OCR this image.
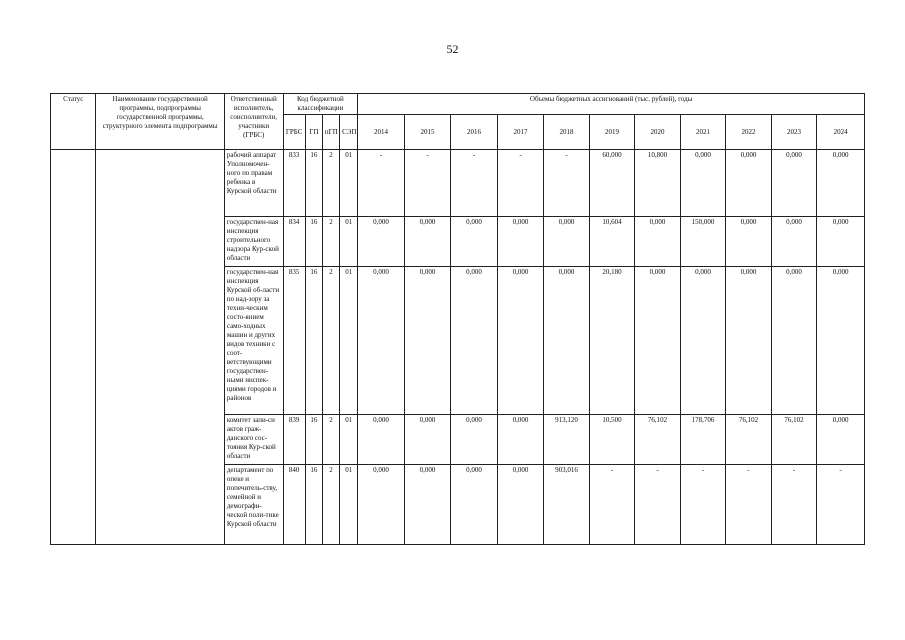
52
Статус	Наименование государственной программы, подпрограммы государственной программы, структурного элемента подпрограммы	Ответственный исполнитель, соисполнители, участники (ГРБС)	Код бюджетной классификации				Объемы бюджетных ассигнований (тыс. рублей), годы										
			ГРБС	ГП	пГП	СЭП	2014	2015	2016	2017	2018	2019	2020	2021	2022	2023	2024
		рабочий аппарат Уполномочен-ного по правам ребенка в Курской области	833	16	2	01	-	-	-	-	-	60,000	10,800	0,000	0,000	0,000	0,000
		государствен-ная инспекция строительного надзора Кур-ской области	834	16	2	01	0,000	0,000	0,000	0,000	0,000	10,604	0,000	150,000	0,000	0,000	0,000
		государствен-ная инспекция Курской об-ласти по над-зору за техни-ческим состо-янием само-ходных машин и других видов техники с соот-ветствующими государствен-ными инспек-циями городов и районов	835	16	2	01	0,000	0,000	0,000	0,000	0,000	20,180	0,000	0,000	0,000	0,000	0,000
		комитет запи-си актов граж-данского сос-тояния Кур-ской области	839	16	2	01	0,000	0,000	0,000	0,000	913,120	10,500	76,102	178,706	76,102	76,102	0,000
		департамент по опеке и попечитель-ству, семейной и демографи-ческой поли-тике Курской области	840	16	2	01	0,000	0,000	0,000	0,000	903,016	-	-	-	-	-	-
